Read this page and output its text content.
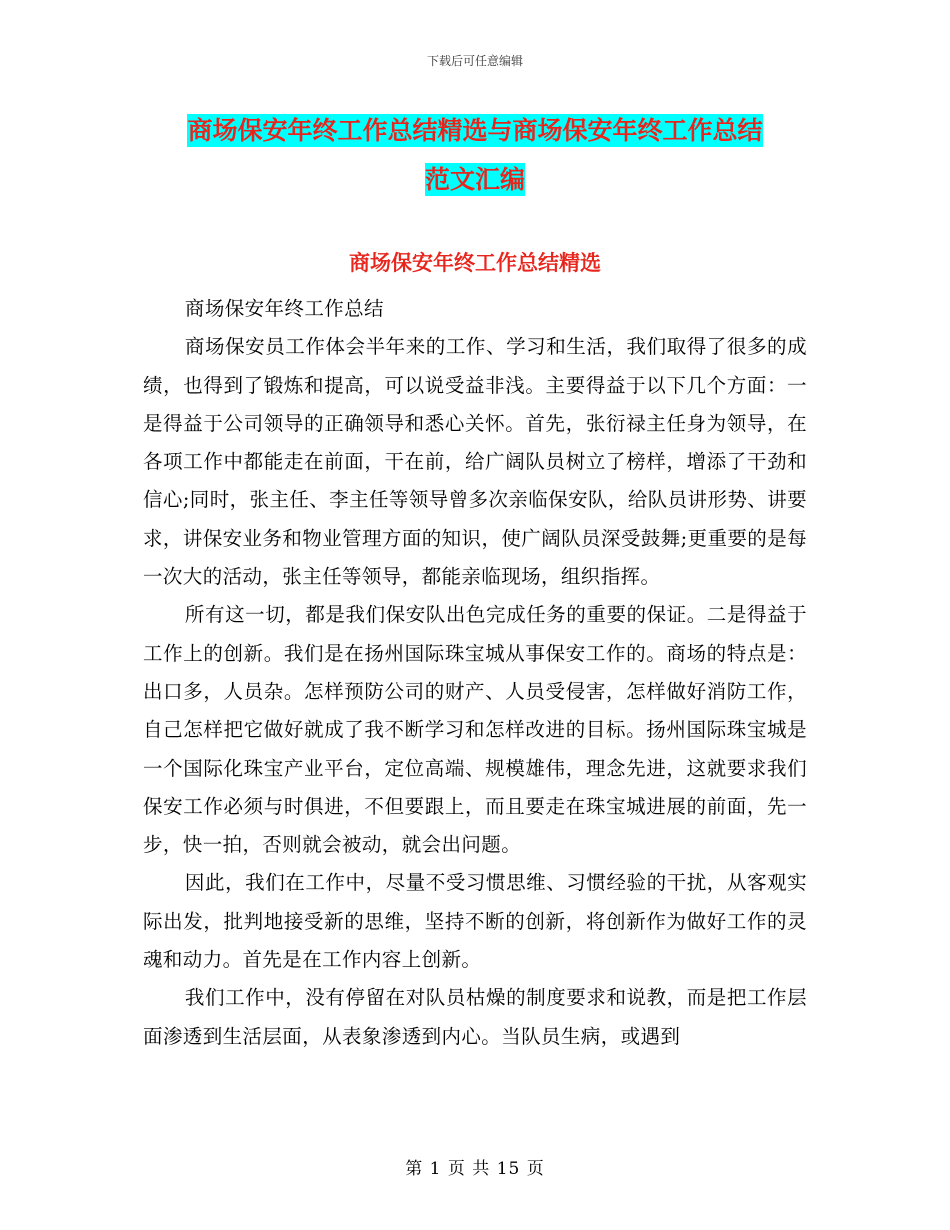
下载后可任意编辑
商场保安年终工作总结精选与商场保安年终工作总结
范文汇编
商场保安年终工作总结精选

商场保安年终工作总结

商场保安员工作体会半年来的工作、学习和生活，我们取得了很多的成绩，也得到了锻炼和提高，可以说受益非浅。主要得益于以下几个方面：一是得益于公司领导的正确领导和悉心关怀。首先，张衍禄主任身为领导，在各项工作中都能走在前面，干在前，给广阔队员树立了榜样，增添了干劲和信心;同时，张主任、李主任等领导曾多次亲临保安队，给队员讲形势、讲要求，讲保安业务和物业管理方面的知识，使广阔队员深受鼓舞;更重要的是每一次大的活动，张主任等领导，都能亲临现场，组织指挥。

所有这一切，都是我们保安队出色完成任务的重要的保证。二是得益于工作上的创新。我们是在扬州国际珠宝城从事保安工作的。商场的特点是：出口多，人员杂。怎样预防公司的财产、人员受侵害，怎样做好消防工作，自己怎样把它做好就成了我不断学习和怎样改进的目标。扬州国际珠宝城是一个国际化珠宝产业平台，定位高端、规模雄伟，理念先进，这就要求我们保安工作必须与时俱进，不但要跟上，而且要走在珠宝城进展的前面，先一步，快一拍，否则就会被动，就会出问题。

因此，我们在工作中，尽量不受习惯思维、习惯经验的干扰，从客观实际出发，批判地接受新的思维，坚持不断的创新，将创新作为做好工作的灵魂和动力。首先是在工作内容上创新。

我们工作中，没有停留在对队员枯燥的制度要求和说教，而是把工作层面渗透到生活层面，从表象渗透到内心。当队员生病，或遇到

第 1 页 共 15 页
